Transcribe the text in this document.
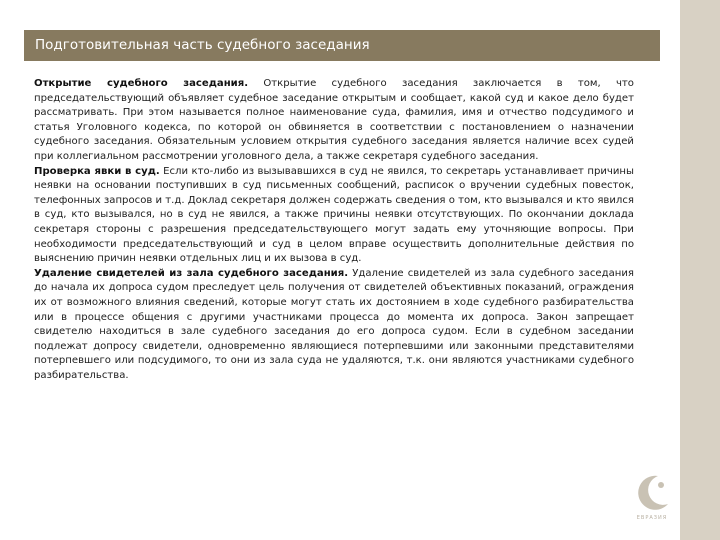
Подготовительная часть судебного заседания

Открытие судебного заседания. Открытие судебного заседания заключается в том, что председательствующий объявляет судебное заседание открытым и сообщает, какой суд и какое дело будет рассматривать. При этом называется полное наименование суда, фамилия, имя и отчество подсудимого и статья Уголовного кодекса, по которой он обвиняется в соответствии с постановлением о назначении судебного заседания. Обязательным условием открытия судебного заседания является наличие всех судей при коллегиальном рассмотрении уголовного дела, а также секретаря судебного заседания.

Проверка явки в суд. Если кто-либо из вызывавшихся в суд не явился, то секретарь устанавливает причины неявки на основании поступивших в суд письменных сообщений, расписок о вручении судебных повесток, телефонных запросов и т.д. Доклад секретаря должен содержать сведения о том, кто вызывался и кто явился в суд, кто вызывался, но в суд не явился, а также причины неявки отсутствующих. По окончании доклада секретаря стороны с разрешения председательствующего могут задать ему уточняющие вопросы. При необходимости председательствующий и суд в целом вправе осуществить дополнительные действия по выяснению причин неявки отдельных лиц и их вызова в суд.

Удаление свидетелей из зала судебного заседания. Удаление свидетелей из зала судебного заседания до начала их допроса судом преследует цель получения от свидетелей объективных показаний, ограждения их от возможного влияния сведений, которые могут стать их достоянием в ходе судебного разбирательства или в процессе общения с другими участниками процесса до момента их допроса. Закон запрещает свидетелю находиться в зале судебного заседания до его допроса судом. Если в судебном заседании подлежат допросу свидетели, одновременно являющиеся потерпевшими или законными представителями потерпевшего или подсудимого, то они из зала суда не удаляются, т.к. они являются участниками судебного разбирательства.

ЕВРАЗИЯ
